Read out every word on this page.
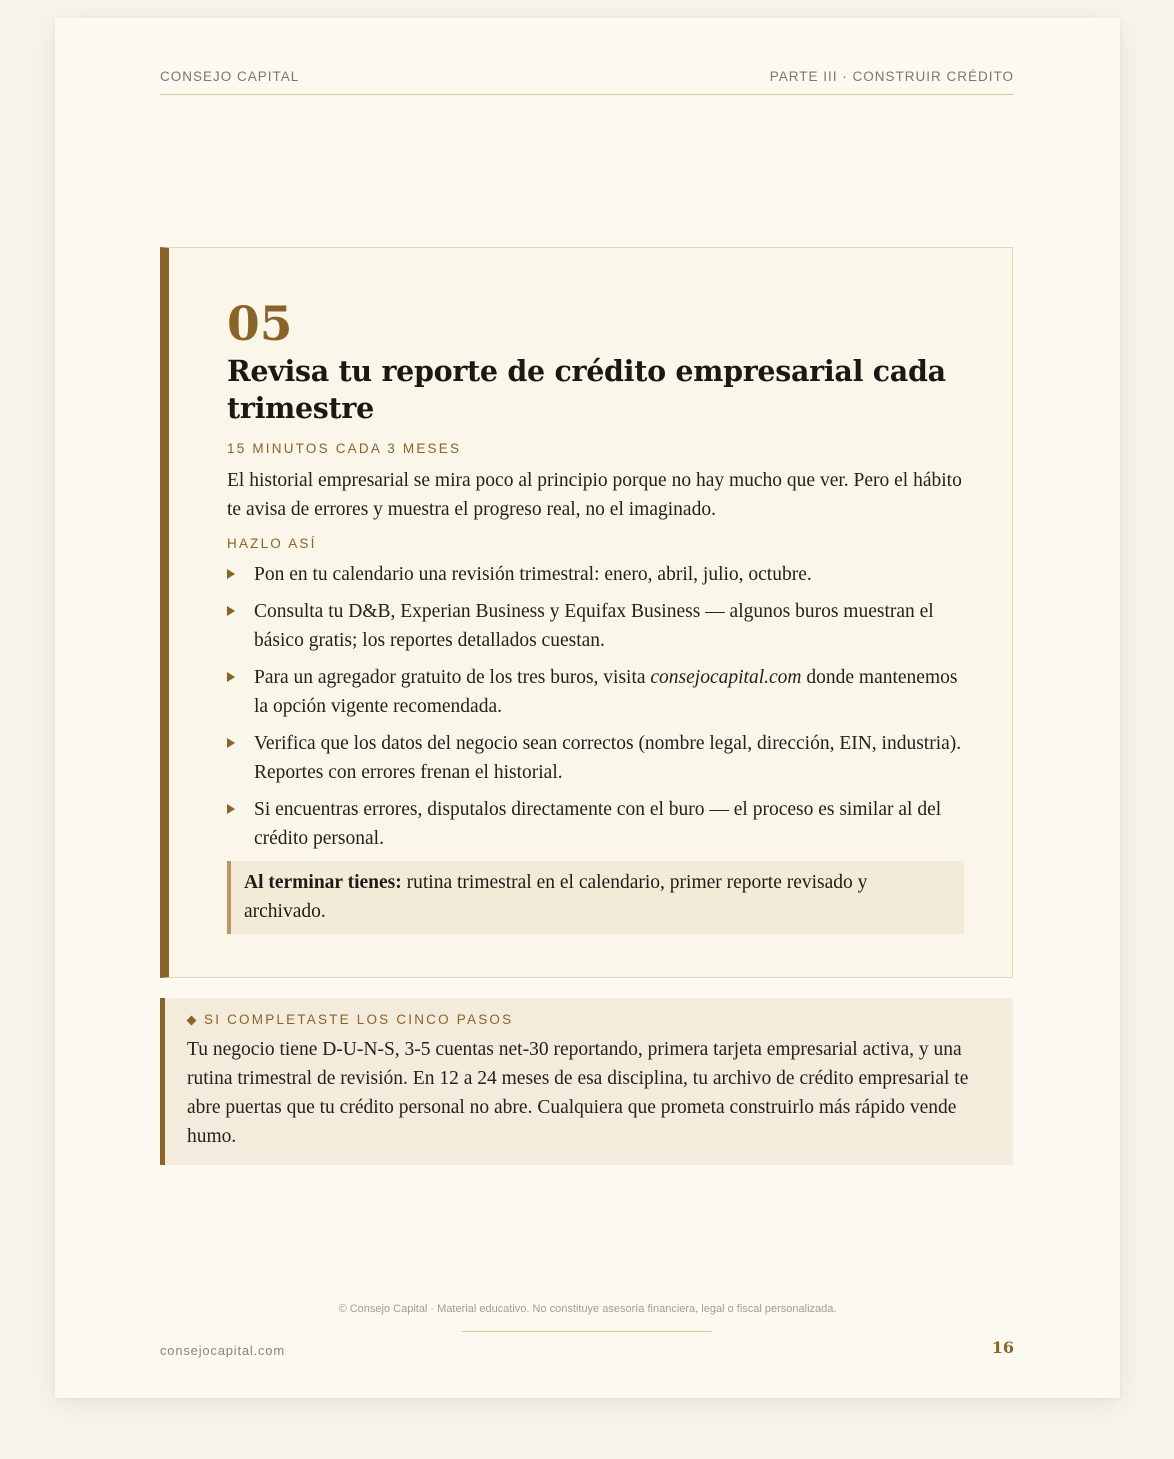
CONSEJO CAPITAL	PARTE III · CONSTRUIR CRÉDITO
05
Revisa tu reporte de crédito empresarial cada trimestre
15 MINUTOS CADA 3 MESES
El historial empresarial se mira poco al principio porque no hay mucho que ver. Pero el hábito te avisa de errores y muestra el progreso real, no el imaginado.
HAZLO ASÍ
Pon en tu calendario una revisión trimestral: enero, abril, julio, octubre.
Consulta tu D&B, Experian Business y Equifax Business — algunos buros muestran el básico gratis; los reportes detallados cuestan.
Para un agregador gratuito de los tres buros, visita consejocapital.com donde mantenemos la opción vigente recomendada.
Verifica que los datos del negocio sean correctos (nombre legal, dirección, EIN, industria). Reportes con errores frenan el historial.
Si encuentras errores, disputalos directamente con el buro — el proceso es similar al del crédito personal.
Al terminar tienes: rutina trimestral en el calendario, primer reporte revisado y archivado.
SI COMPLETASTE LOS CINCO PASOS
Tu negocio tiene D-U-N-S, 3-5 cuentas net-30 reportando, primera tarjeta empresarial activa, y una rutina trimestral de revisión. En 12 a 24 meses de esa disciplina, tu archivo de crédito empresarial te abre puertas que tu crédito personal no abre. Cualquiera que prometa construirlo más rápido vende humo.
© Consejo Capital · Material educativo. No constituye asesoría financiera, legal o fiscal personalizada.
consejocapital.com	16
